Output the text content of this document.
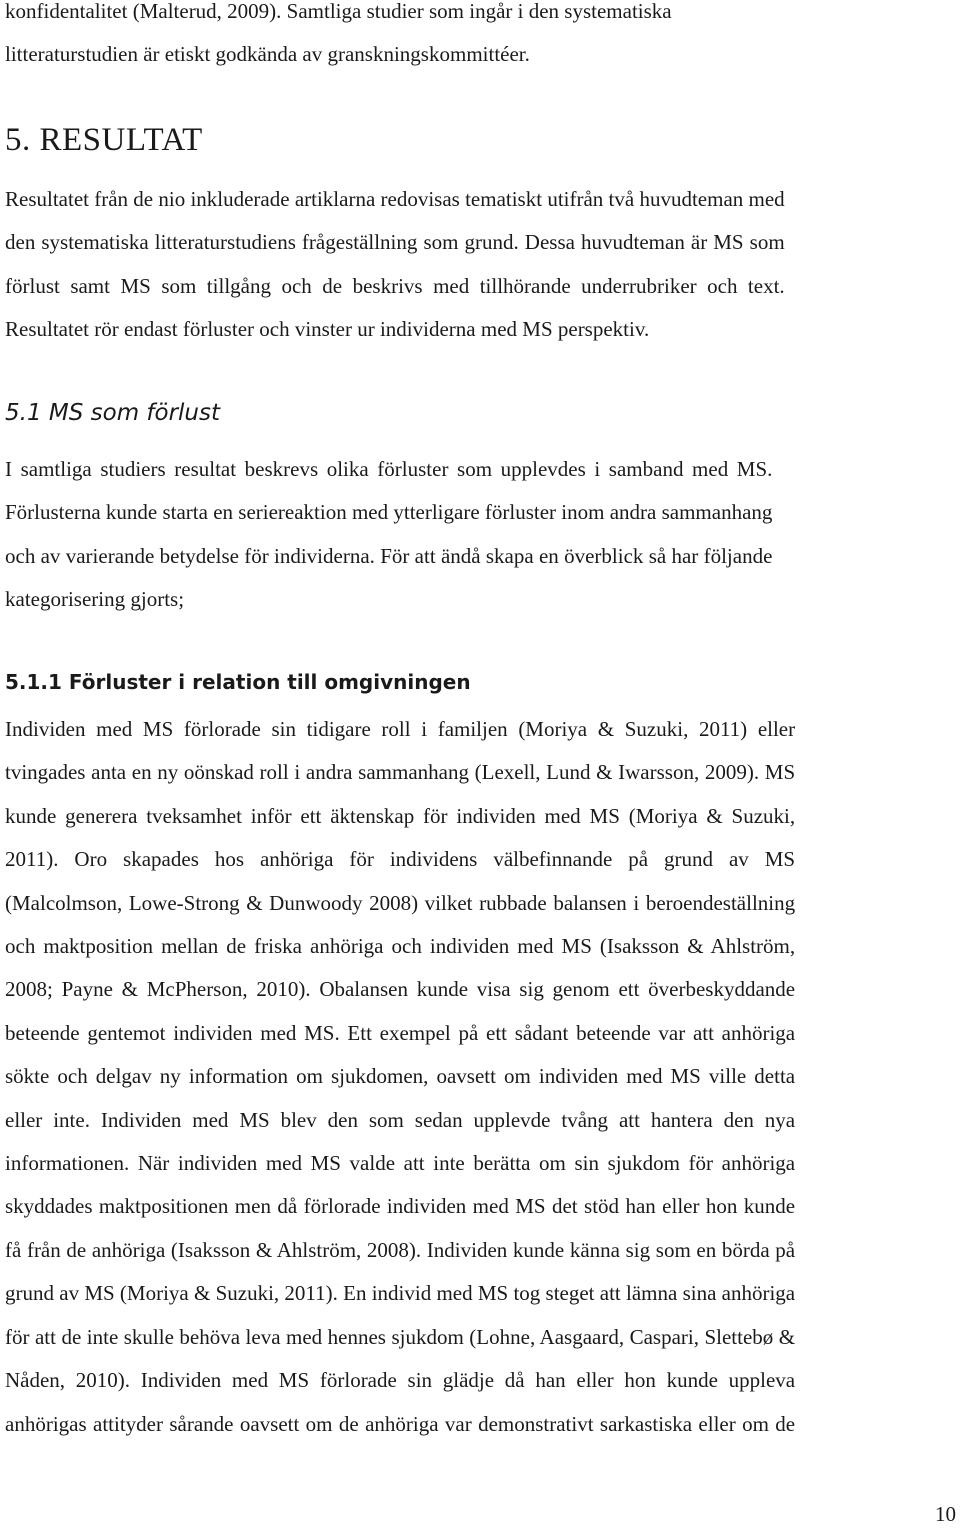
konfidentalitet (Malterud, 2009). Samtliga studier som ingår i den systematiska
litteraturstudien är etiskt godkända av granskningskommittéer.
5. RESULTAT
Resultatet från de nio inkluderade artiklarna redovisas tematiskt utifrån två huvudteman med
den systematiska litteraturstudiens frågeställning som grund. Dessa huvudteman är MS som
förlust samt MS som tillgång och de beskrivs med tillhörande underrubriker och text.
Resultatet rör endast förluster och vinster ur individerna med MS perspektiv.
5.1 MS som förlust
I samtliga studiers resultat beskrevs olika förluster som upplevdes i samband med MS.
Förlusterna kunde starta en seriereaktion med ytterligare förluster inom andra sammanhang
och av varierande betydelse för individerna. För att ändå skapa en överblick så har följande
kategorisering gjorts;
5.1.1 Förluster i relation till omgivningen
Individen med MS förlorade sin tidigare roll i familjen (Moriya & Suzuki, 2011) eller
tvingades anta en ny oönskad roll i andra sammanhang (Lexell, Lund & Iwarsson, 2009). MS
kunde generera tveksamhet inför ett äktenskap för individen med MS (Moriya & Suzuki,
2011). Oro skapades hos anhöriga för individens välbefinnande på grund av MS
(Malcolmson, Lowe-Strong & Dunwoody 2008) vilket rubbade balansen i beroendeställning
och maktposition mellan de friska anhöriga och individen med MS (Isaksson & Ahlström,
2008; Payne & McPherson, 2010). Obalansen kunde visa sig genom ett överbeskyddande
beteende gentemot individen med MS. Ett exempel på ett sådant beteende var att anhöriga
sökte och delgav ny information om sjukdomen, oavsett om individen med MS ville detta
eller inte. Individen med MS blev den som sedan upplevde tvång att hantera den nya
informationen. När individen med MS valde att inte berätta om sin sjukdom för anhöriga
skyddades maktpositionen men då förlorade individen med MS det stöd han eller hon kunde
få från de anhöriga (Isaksson & Ahlström, 2008). Individen kunde känna sig som en börda på
grund av MS (Moriya & Suzuki, 2011). En individ med MS tog steget att lämna sina anhöriga
för att de inte skulle behöva leva med hennes sjukdom (Lohne, Aasgaard, Caspari, Slettebø &
Nåden, 2010). Individen med MS förlorade sin glädje då han eller hon kunde uppleva
anhörigas attityder sårande oavsett om de anhöriga var demonstrativt sarkastiska eller om de
10
